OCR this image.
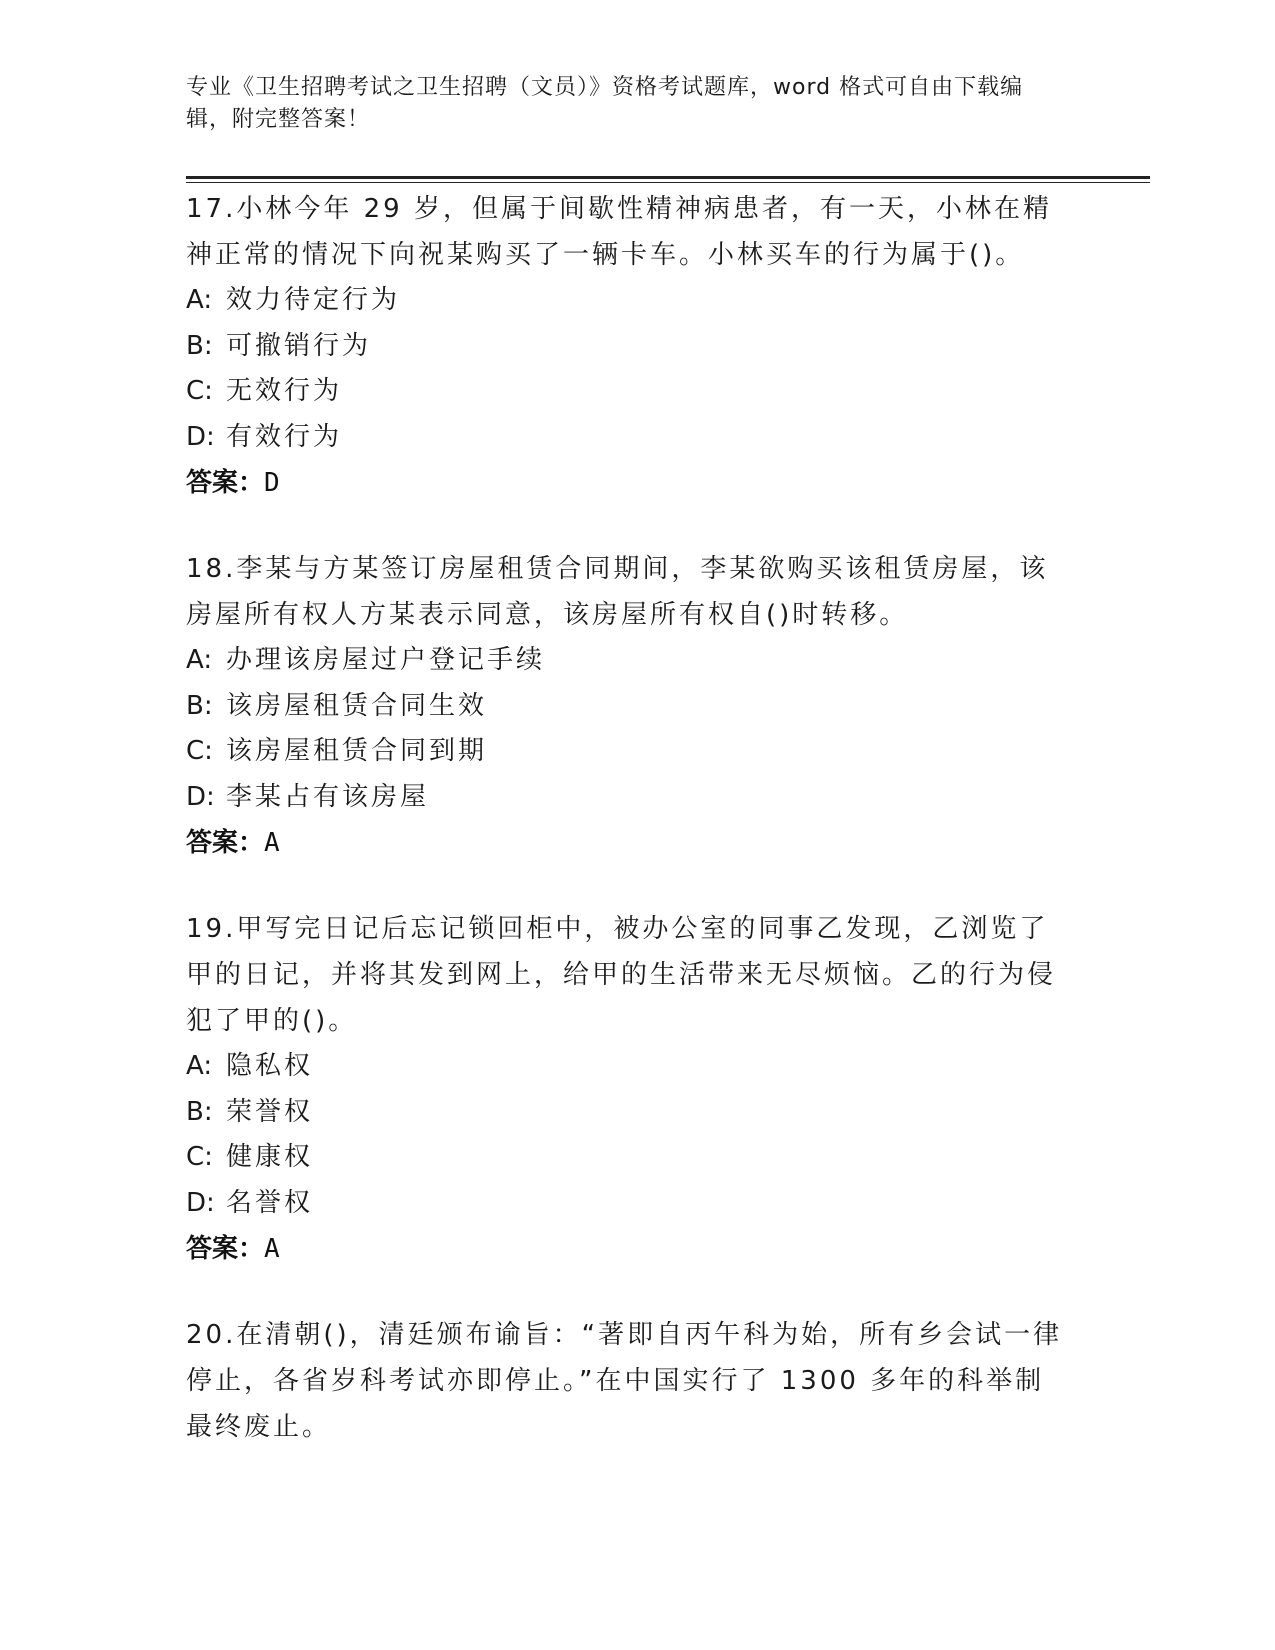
专业《卫生招聘考试之卫生招聘（文员）》资格考试题库，word 格式可自由下载编辑，附完整答案！

17.小林今年 29 岁，但属于间歇性精神病患者，有一天，小林在精神正常的情况下向祝某购买了一辆卡车。小林买车的行为属于()。

A: 效力待定行为

B: 可撤销行为

C: 无效行为

D: 有效行为

答案：D

18.李某与方某签订房屋租赁合同期间，李某欲购买该租赁房屋，该房屋所有权人方某表示同意，该房屋所有权自()时转移。

A: 办理该房屋过户登记手续

B: 该房屋租赁合同生效

C: 该房屋租赁合同到期

D: 李某占有该房屋

答案：A

19.甲写完日记后忘记锁回柜中，被办公室的同事乙发现，乙浏览了甲的日记，并将其发到网上，给甲的生活带来无尽烦恼。乙的行为侵犯了甲的()。

A: 隐私权

B: 荣誉权

C: 健康权

D: 名誉权

答案：A

20.在清朝()，清廷颁布谕旨：“著即自丙午科为始，所有乡会试一律停止，各省岁科考试亦即停止。”在中国实行了 1300 多年的科举制最终废止。
